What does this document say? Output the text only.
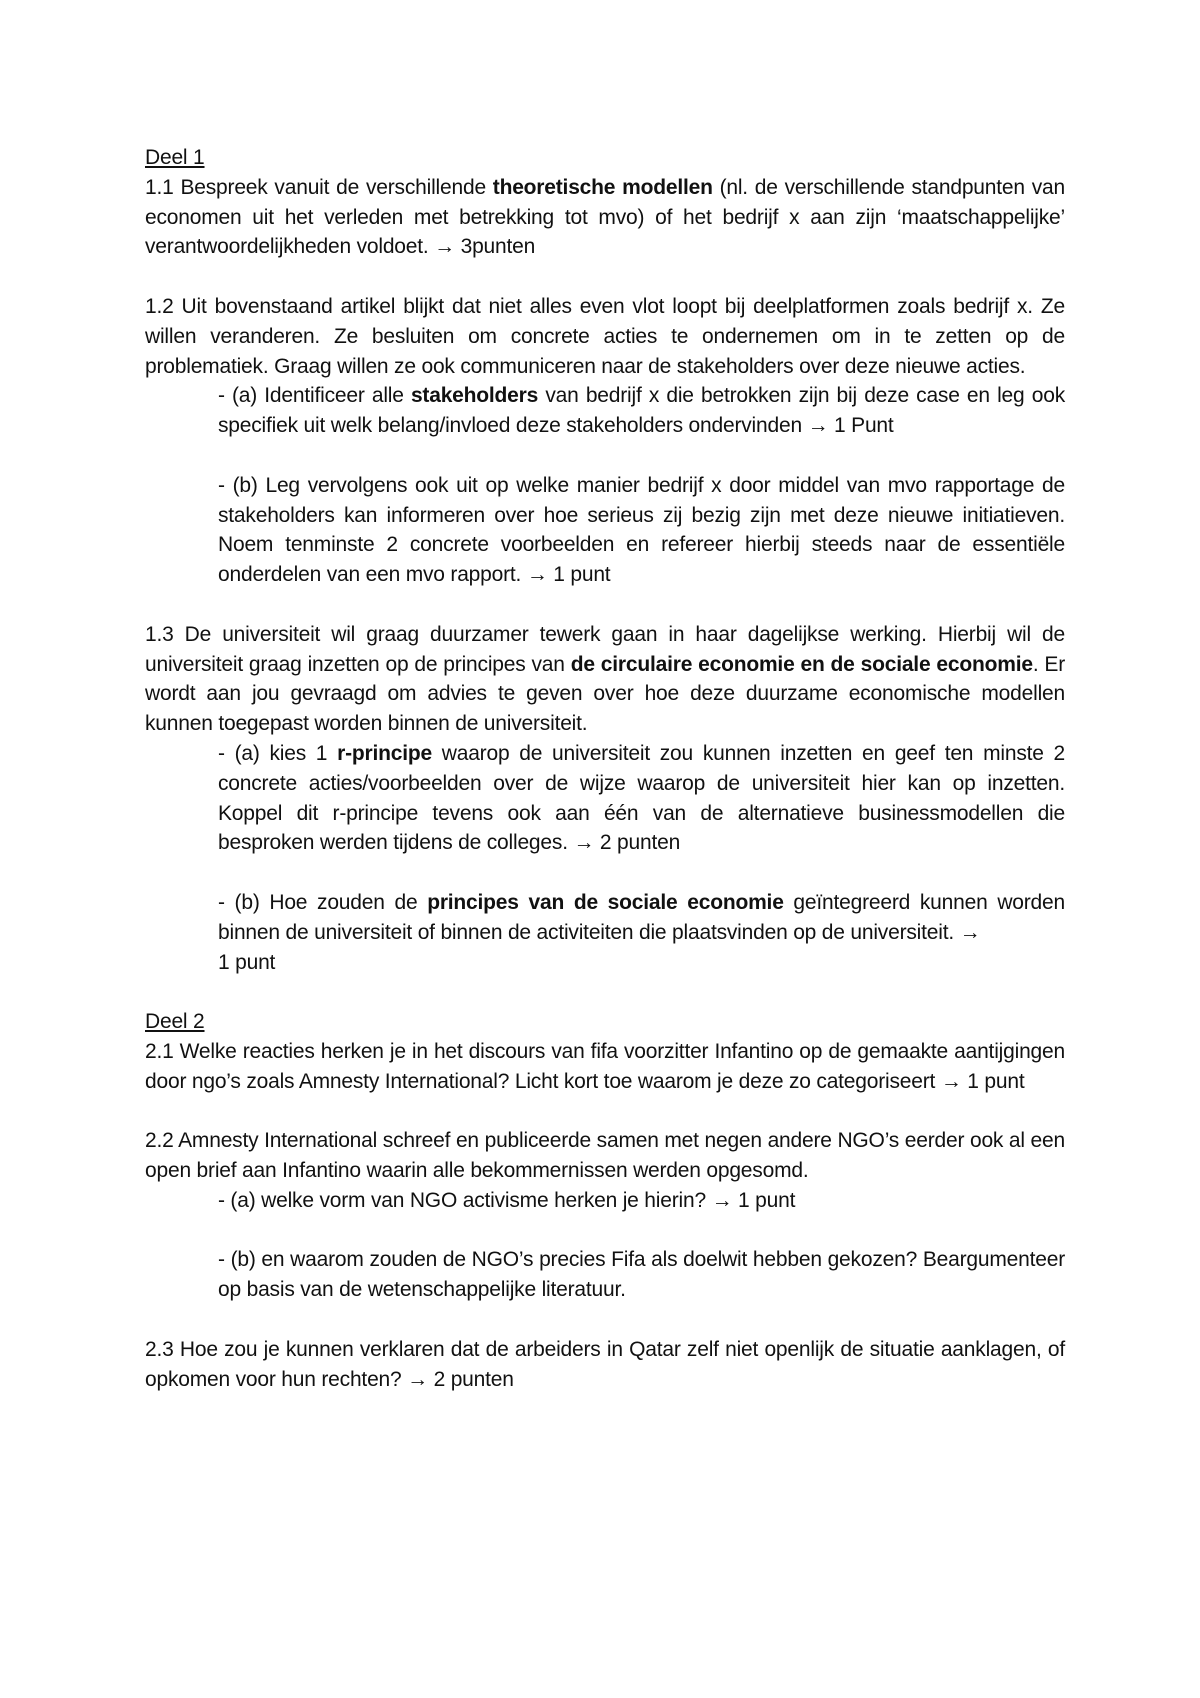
Deel 1

1.1 Bespreek vanuit de verschillende theoretische modellen (nl. de verschillende standpunten van economen uit het verleden met betrekking tot mvo) of het bedrijf x aan zijn ‘maatschappelijke’ verantwoordelijkheden voldoet. → 3punten

1.2 Uit bovenstaand artikel blijkt dat niet alles even vlot loopt bij deelplatformen zoals bedrijf x. Ze willen veranderen. Ze besluiten om concrete acties te ondernemen om in te zetten op de problematiek. Graag willen ze ook communiceren naar de stakeholders over deze nieuwe acties.

- (a) Identificeer alle stakeholders van bedrijf x die betrokken zijn bij deze case en leg ook specifiek uit welk belang/invloed deze stakeholders ondervinden → 1 Punt

- (b) Leg vervolgens ook uit op welke manier bedrijf x door middel van mvo rapportage de stakeholders kan informeren over hoe serieus zij bezig zijn met deze nieuwe initiatieven. Noem tenminste 2 concrete voorbeelden en refereer hierbij steeds naar de essentiële onderdelen van een mvo rapport. → 1 punt

1.3 De universiteit wil graag duurzamer tewerk gaan in haar dagelijkse werking. Hierbij wil de universiteit graag inzetten op de principes van de circulaire economie en de sociale economie. Er wordt aan jou gevraagd om advies te geven over hoe deze duurzame economische modellen kunnen toegepast worden binnen de universiteit.

- (a) kies 1 r-principe waarop de universiteit zou kunnen inzetten en geef ten minste 2 concrete acties/voorbeelden over de wijze waarop de universiteit hier kan op inzetten. Koppel dit r-principe tevens ook aan één van de alternatieve businessmodellen die besproken werden tijdens de colleges. → 2 punten

- (b) Hoe zouden de principes van de sociale economie geïntegreerd kunnen worden binnen de universiteit of binnen de activiteiten die plaatsvinden op de universiteit. →
1 punt

Deel 2

2.1 Welke reacties herken je in het discours van fifa voorzitter Infantino op de gemaakte aantijgingen door ngo’s zoals Amnesty International? Licht kort toe waarom je deze zo categoriseert → 1 punt

2.2 Amnesty International schreef en publiceerde samen met negen andere NGO’s eerder ook al een open brief aan Infantino waarin alle bekommernissen werden opgesomd.

- (a) welke vorm van NGO activisme herken je hierin? → 1 punt

- (b) en waarom zouden de NGO’s precies Fifa als doelwit hebben gekozen? Beargumenteer op basis van de wetenschappelijke literatuur.

2.3 Hoe zou je kunnen verklaren dat de arbeiders in Qatar zelf niet openlijk de situatie aanklagen, of opkomen voor hun rechten? → 2 punten
